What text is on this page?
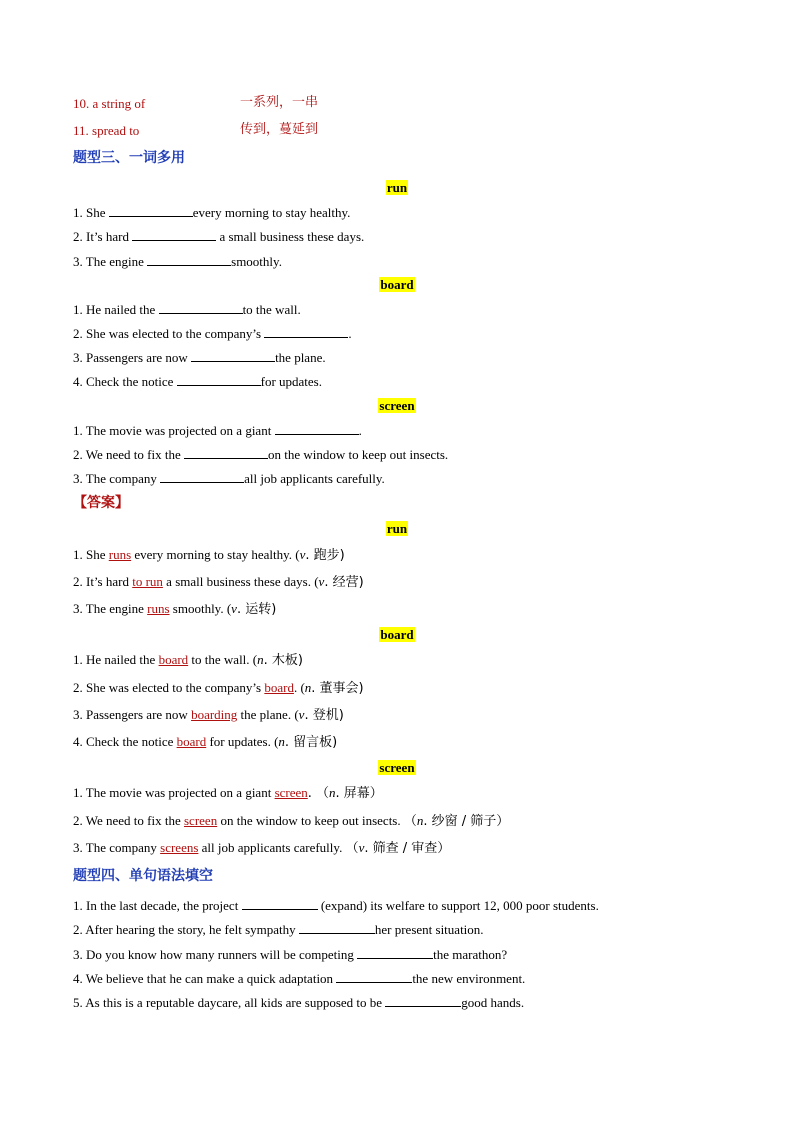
10. a string of	一系列，一串
11. spread to	传到，蔓延到
题型三、一词多用
run
1. She	every morning to stay healthy.
2. It’s hard	a small business these days.
3. The engine	smoothly.
board
1. He nailed the	to the wall.
2. She was elected to the company’s	.
3. Passengers are now	the plane.
4. Check the notice	for updates.
screen
1. The movie was projected on a giant	.
2. We need to fix the	on the window to keep out insects.
3. The company	all job applicants carefully.
【答案】
run
1. She runs every morning to stay healthy. (v. 跑步)
2. It’s hard to run a small business these days. (v. 经营)
3. The engine runs smoothly. (v. 运转)
board
1. He nailed the board to the wall. (n. 木板)
2. She was elected to the company’s board. (n. 董事会)
3. Passengers are now boarding the plane. (v. 登机)
4. Check the notice board for updates. (n. 留言板)
screen
1. The movie was projected on a giant screen. （n. 屏幕）
2. We need to fix the screen on the window to keep out insects. （n. 纱窗 / 筛子）
3. The company screens all job applicants carefully. （v. 筛查 / 审查）
题型四、单句语法填空
1. In the last decade, the project	(expand) its welfare to support 12, 000 poor students.
2. After hearing the story, he felt sympathy	her present situation.
3. Do you know how many runners will be competing	the marathon?
4. We believe that he can make a quick adaptation	the new environment.
5. As this is a reputable daycare, all kids are supposed to be	good hands.
